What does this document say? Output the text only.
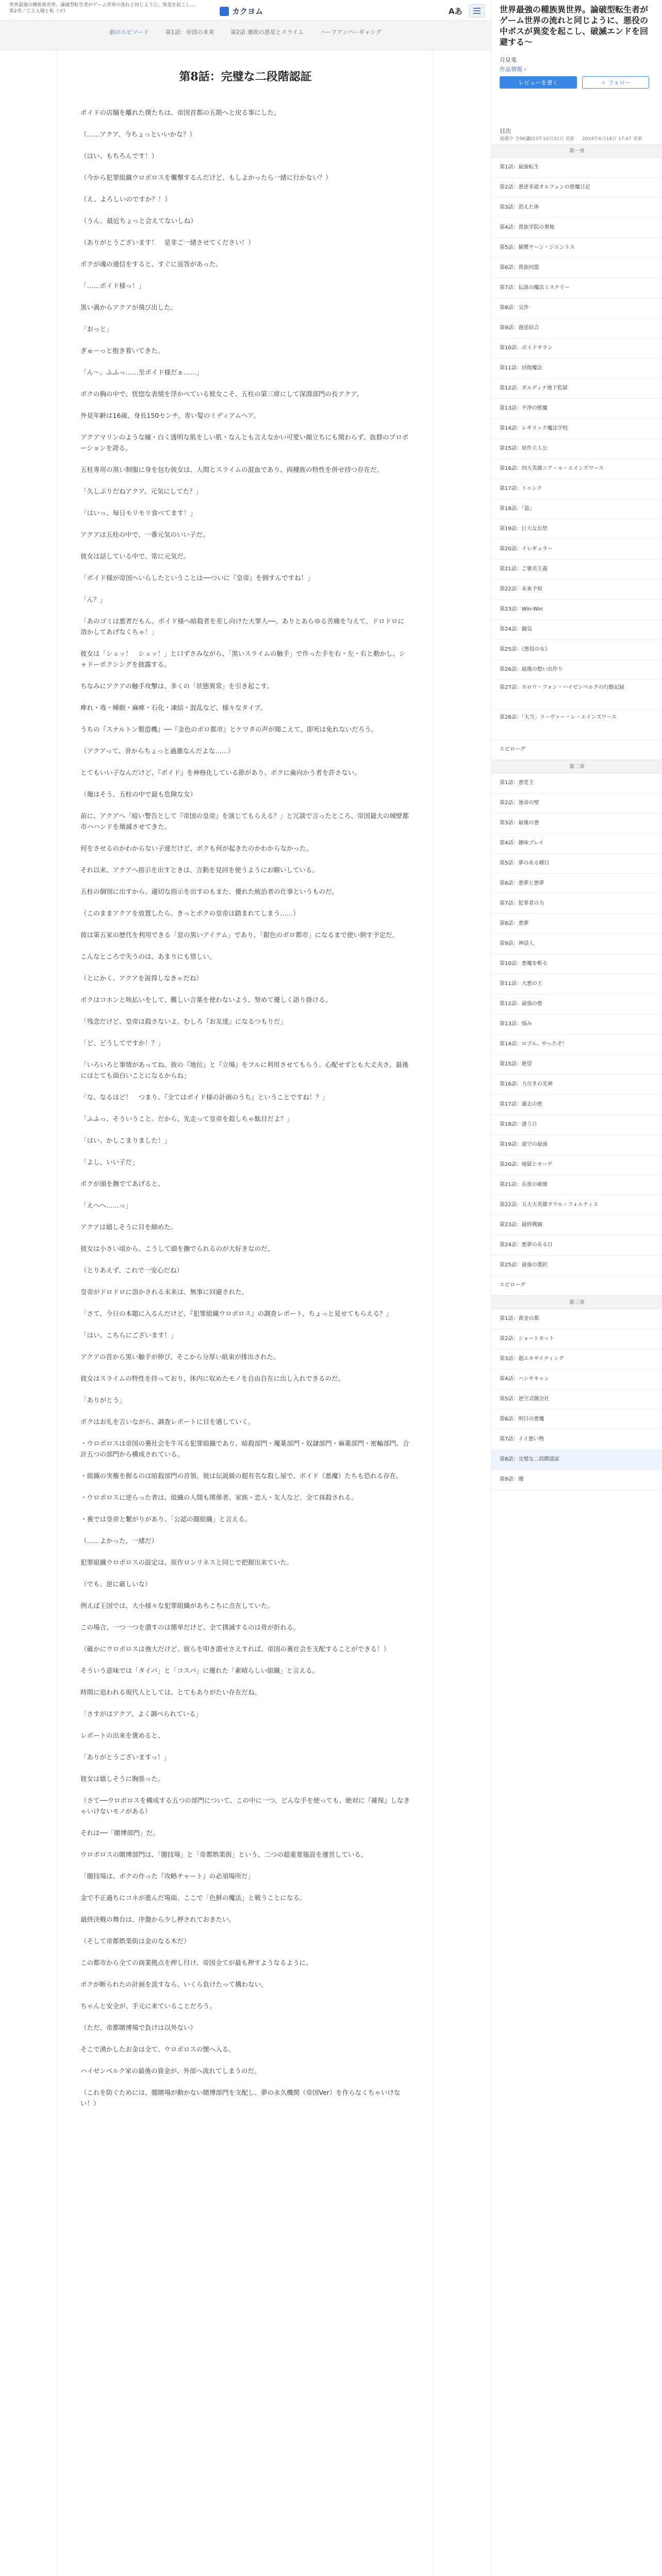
世界最強の種族異世界。論破型転生者がゲーム世界の流れと同じように、異変を起こし…
第2章／ご主人様と私（ヨ）	カクヨム	Aあ
前のエピソード	第1話：帝国の未来	第2話 連敗の惑星とスライム	ハーフアンバーギャング
第8話：完璧な二段階認証

ボイドの店舗を離れた僕たちは、帝国首都の五階へと戻る事にした。

（……アクア、今ちょっといいかな？）

（はい、もちろんです！）

（今から犯罪組織ウロボロスを襲撃するんだけど、もしよかったら一緒に行かない？）

（え、よろしいのですか？！）

（うん。最近ちょっと会えてないしね）

（ありがとうございます！　是非ご一緒させてください！）

ボクが魂の通信をすると、すぐに返答があった。

「……ボイド様っ！」

黒い渦からアクアが飛び出した。

「おっと」

ぎゅーっと抱き着いてきた。

「ん〜。ふふっ……至ボイド様だぁ……」

ボクの胸の中で、恍惚な表情を浮かべている彼女こそ、五柱の第三席にして深淵部門の長アクア。

外見年齢は16歳、身長150センチ、青い髪のミディアムヘア。

アクアマリンのような瞳・白く透明な肌をしい肌・なんとも言えなかい可愛い顔立ちにも関わらず、抜群のプロポーションを誇る。

五柱専用の黒い制服に身を包む彼女は、人間とスライムの混血であり、両種族の特性を併せ持つ存在だ。

「久しぶりだねアクア、元気にしてた？」

「はいっ、毎日モリモリ食べてます！」

アクアは五柱の中で、一番元気のいい子だ。

彼女は話している中で、常に元気だ。

「ボイド様が帝国へいらしたということは──ついに『皇帝』を倒すんですね！」

「ん？」

「あのゴミは悪者だもん。ボイド様へ暗殺者を差し向けた大罪人──。ありとあらゆる苦痛を与えて、ドロドロに溶かしてあげなくちゃ！」

彼女は「シュッ！　シュッ！」と口ずさみながら、「黒いスライムの触手」で作った手を右・左・右と動かし、シャドーボクシングを披露する。

ちなみにアクアの触手攻撃は、多くの「状態異常」を引き起こす。

痺れ・毒・睡眠・麻痺・石化・凍結・混乱など、様々なタイプ。

うちの『スナルトン製造機』──『金色のボロ都市』とケワタの声が聞こえて、即死は免れないだろう。

（アクアって、昔からちょっと過激なんだよな……）

とてもいい子なんだけど、『ボイド』を神格化している節があり、ボクに歯向かう者を許さない。

（俺はそう、五柱の中で最も危険な女）

前に、アクアへ「暗い警告として『帝国の皇帝』を演じてもらえる？」と冗談で言ったところ、帝国最大の城壁都市ハハンドを壊滅させてきた。

何をさせるのかわからない子達だけど、ボクも何が起きたのかわからなかった。

それ以来、アクアへ指示を出すときは、言動を見回を使うようにお願いしている。

五柱の個別に出すから、適切な指示を出すのもまた、優れた統治者の仕事というものだ。

（このままアクアを放置したら、きっとボクの皇帝は踏まれてしまう……）

彼は第五家の歴代を利用できる「窓の黒いアイテム」であり、「銀色のボロ都市」になるまで使い倒す予定だ。

こんなところで失うのは、あまりにも惜しい。

（とにかく、アクアを説得しなきゃだね）

ボクはコホンと咳払いをして、難しい言葉を使わないよう、努めて優しく語り掛ける。

「残念だけど、皇帝は殺さないよ。むしろ『お友達』になるつもりだ」

「ど、どうしてですか！？」

「いろいろと事情があってね。彼の『地位』と『立場』をフルに利用させてもらう。心配せずとも大丈夫さ。最後にはとても面白いことになるからね」

「な、なるほど！　つまり、『全てはボイド様の計画のうち』ということですね！？」

「ふふっ、そういうこと。だから、先走って皇帝を殺しちゃ駄目だよ？」

「はい、かしこまりました！」

「よし、いい子だ」

ボクが頭を撫でてあげると、

「えへへ……っ」

アクアは嬉しそうに目を細めた。

彼女は小さい頃から、こうして頭を撫でられるのが大好きなのだ。

（とりあえず、これで一安心だね）

皇帝がドロドロに溶かされる未来は、無事に回避された。

「さて、今日の本題に入るんだけど、『犯罪組織ウロボロス』の調査レポート、ちょっと見せてもらえる？」

「はい、こちらにございます！」

アクアの首から黒い触手が伸び、そこから分厚い紙束が排出された。

彼女はスライムの特性を持っており、体内に収めたモノを自由自在に出し入れできるのだ。

「ありがとう」

ボクはお礼を言いながら、調査レポートに目を通していく。

・ウロボロスは帝国の裏社会を牛耳る犯罪組織であり、暗殺部門・魔薬部門・奴隷部門・麻薬部門・密輸部門、合計五つの部門から構成されている。

・組織の実権を握るのは暗殺部門の首領。彼は伝説級の超有名な殺し屋で、ボイド（悪魔）たちも恐れる存在。

・ウロボロスに逆らった者は、組織の人間も関係者、家族・恋人・友人など、全て抹殺される。

・裏では皇帝と繋がりがあり、「公認の闇組織」と言える。

（……よかった、一緒だ）

犯罪組織ウロボロスの設定は、原作ロンリネスと同じで把握出来ていた。

（でも、逆に厳しいな）

例えば王国では、大小様々な犯罪組織があちこちに点在していた。

この場合、一つ一つを潰すのは簡単だけど、全て撲滅するのは骨が折れる。

（確かにウロボロスは強大だけど、彼らを叩き潰せさえすれば、帝国の裏社会を支配することができる！）

そういう意味では「タイパ」と「コスパ」に優れた「素晴らしい組織」と言える。

時間に追われる現代人としては、とてもありがたい存在だね。

「さすがはアクア、よく調べられている」

レポートの出来を褒めると、

「ありがとうございますっ！」

彼女は嬉しそうに胸張った。

（さて──ウロボロスを構成する五つの部門について、この中に一つ、どんな手を使っても、絶対に『確保』しなきゃいけないモノがある）

それは──「賭博部門」だ。

ウロボロスの賭博部門は、「闇技場」と「帝都娯楽街」という、二つの超重要施設を運営している。

「闇技場は、ボクの作った『攻略チャート』の必須場所だ」

金で不正過ちにコネが進んだ場面、ここで「色鮮の魔法」と戦うことになる。

最終決戦の舞台は、序盤から少し押されておきたい。

（そして帝都娯楽街は金のなる木だ）

この都市から全ての商業拠点を押し付け、帝国全てが最も押すようなるように。

ボクが断られたの計画を流すなら、いくら負けたって構わない。

ちゃんと安全が、手元に来ていることだろう。

（ただ、帝都賭博場で負けは以外ない）

そこで湧かしたお金は全て、ウロボロスの懐へ入る。

ハイゼンベルク家の最後の資金が、外部へ流れてしまうのだ。

（これを防ぐためには、闇賭場が動かない賭博部門を支配し、夢の永久機関（帝国Ver）を作らなくちゃいけない！）

世界最強の種族異世界。論破型転生者がゲーム世界の流れと同じように、悪役の中ボスが異変を起こし、破滅エンドを回避する〜
月見兎
作品情報 ›
レビューを書く	＋ フォロー
目次
連載中 全90話
2023年10月31日 更新 2024年6月18日 17:47 更新
第一章
第1話：最強転生
第2話：悪逆非道オルフェンの悪魔日記
第3話：消えた体
第4話：貴族学院の奥地
第5話：捕獲ヤーン・ジエントス
第6話：貴族同盟
第7話：伝説の魔法ミステリー
第8話：交渉
第9話：遅延結合
第10話：ボイドサラン
第11話：回復魔法
第12話：ガルディナ地下監獄
第13話：不浄の獣魔
第14話：レギリック魔法学校
第15話：原作主人公
第16話：四大英雄ニア・ル・エインズワース
第17話：トゥンク
第18話：「盗」
第19話：巨大なお祭
第20話：イレギュラー
第21話：ご褒美主義
第22話：未来予知
第23話：Win-Win
第24話：闘気
第25話：《悪役の女》
第26話：最後の想い出作り
第27話：ホロウ・フォン・ハイゼンベルクの行動記録
第28話：「大当」リーヴァー・レ・エインズワース
エピローグ
第二章
第1話：悪党主
第2話：運命の壁
第3話：最後の悪
第4話：趣味プレイ
第5話：夢のある種目
第6話：悪夢と悪夢
第7話：犯罪者の力
第8話：悪夢
第9話：神話人
第10話：悪魔を斬る
第11話：大悪の王
第12話：最強の悪
第13話：悩み
第14話：ロブル、やったぞ！
第15話：絶望
第16話：力尽きの光神
第17話：過去の悪
第18話：違う日
第19話：虚空の最強
第20話：地獄とモーゲ
第21話：長夜の破壊
第22話：五大天英雄ラウル・フォルティス
第23話：最終戦闘
第24話：悪夢のある日
第25話：最強の選択
エピローグ
第三章
第1話：黄金の都
第2話：ショートカット
第3話：超エキサイティング
第4話：ハンサキャン
第5話：逆空式闇会社
第6話：明日の悪魔
第7話：イイ悪い物
第8話：完璧な二段階認証
第9話：闇
